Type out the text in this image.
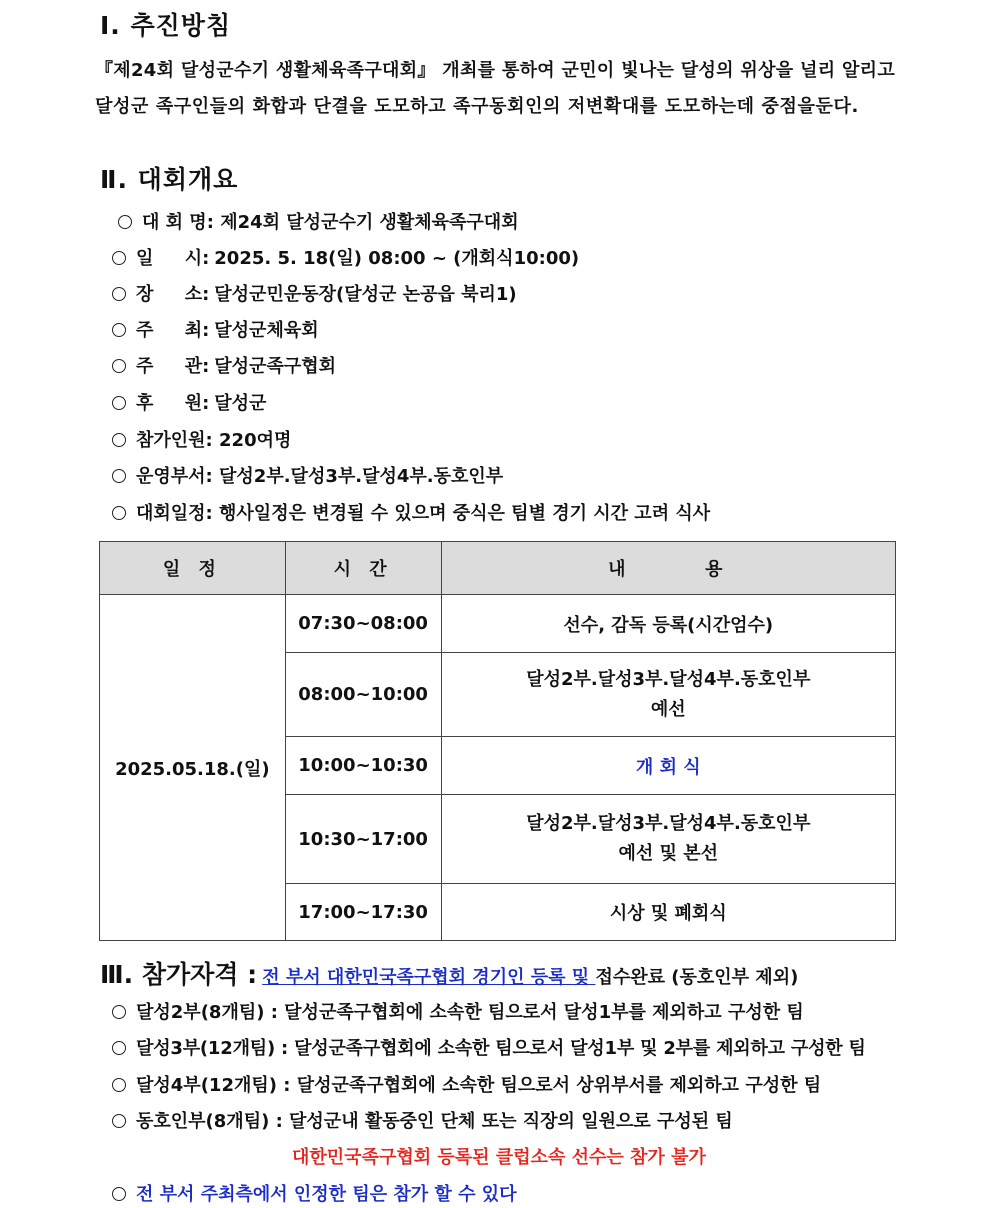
Ⅰ. 추진방침
『제24회 달성군수기 생활체육족구대회』 개최를 통하여 군민이 빛나는 달성의 위상을 널리 알리고
달성군 족구인들의 화합과 단결을 도모하고 족구동회인의 저변확대를 도모하는데 중점을둔다.
Ⅱ. 대회개요
대 회 명: 제24회 달성군수기 생활체육족구대회
일     시: 2025. 5. 18(일) 08:00 ~ (개회식10:00)
장     소: 달성군민운동장(달성군 논공읍 북리1)
주     최: 달성군체육회
주     관: 달성군족구협회
후     원: 달성군
참가인원: 220여명
운영부서: 달성2부.달성3부.달성4부.동호인부
대회일정: 행사일정은 변경될 수 있으며 중식은 팀별 경기 시간 고려 식사
일 정	시 간	내      용
2025.05.18.(일)	07:30~08:00	선수, 감독 등록(시간엄수)
	08:00~10:00	달성2부.달성3부.달성4부.동호인부
예선

	10:00~10:30	개 회 식
	10:30~17:00	달성2부.달성3부.달성4부.동호인부
예선 및 본선

	17:00~17:30	시상 및 폐회식
Ⅲ. 참가자격 : 전 부서 대한민국족구협회 경기인 등록 및 접수완료 (동호인부 제외)
달성2부(8개팀) : 달성군족구협회에 소속한 팀으로서 달성1부를 제외하고 구성한 팀
달성3부(12개팀) : 달성군족구협회에 소속한 팀으로서 달성1부 및 2부를 제외하고 구성한 팀
달성4부(12개팀) : 달성군족구협회에 소속한 팀으로서 상위부서를 제외하고 구성한 팀
동호인부(8개팀) : 달성군내 활동중인 단체 또는 직장의 일원으로 구성된 팀
대한민국족구협회 등록된 클럽소속 선수는 참가 불가
전 부서 주최측에서 인정한 팀은 참가 할 수 있다
